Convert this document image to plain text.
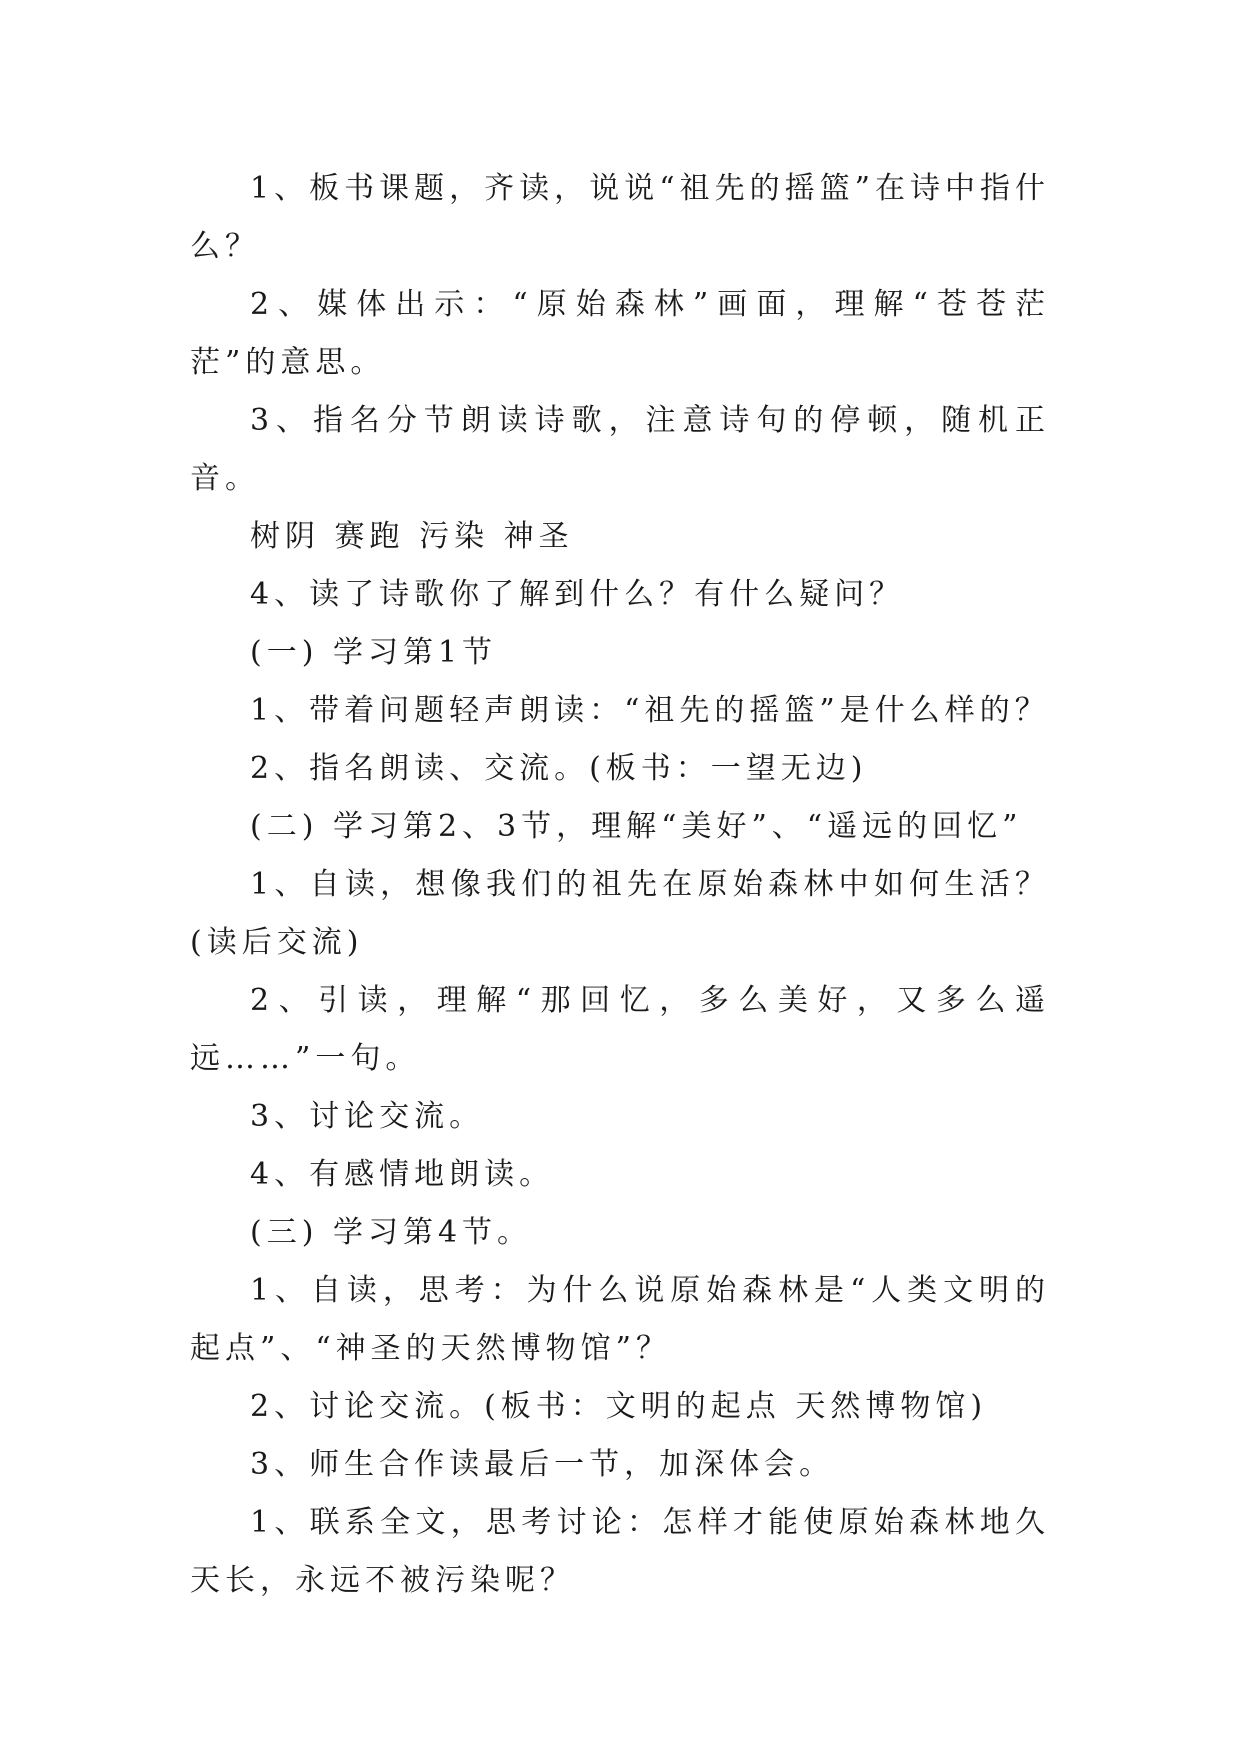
1、板书课题，齐读，说说“祖先的摇篮”在诗中指什么？

2、媒体出示：“原始森林”画面，理解“苍苍茫茫”的意思。

3、指名分节朗读诗歌，注意诗句的停顿，随机正音。

树阴 赛跑 污染 神圣

4、读了诗歌你了解到什么？有什么疑问？

(一) 学习第1节

1、带着问题轻声朗读：“祖先的摇篮”是什么样的？

2、指名朗读、交流。(板书：一望无边)

(二) 学习第2、3节，理解“美好”、“遥远的回忆”

1、自读，想像我们的祖先在原始森林中如何生活？(读后交流)

2、引读，理解“那回忆，多么美好，又多么遥远……”一句。

3、讨论交流。

4、有感情地朗读。

(三) 学习第4节。

1、自读，思考：为什么说原始森林是“人类文明的起点”、“神圣的天然博物馆”？

2、讨论交流。(板书：文明的起点 天然博物馆)

3、师生合作读最后一节，加深体会。

1、联系全文，思考讨论：怎样才能使原始森林地久天长，永远不被污染呢？
